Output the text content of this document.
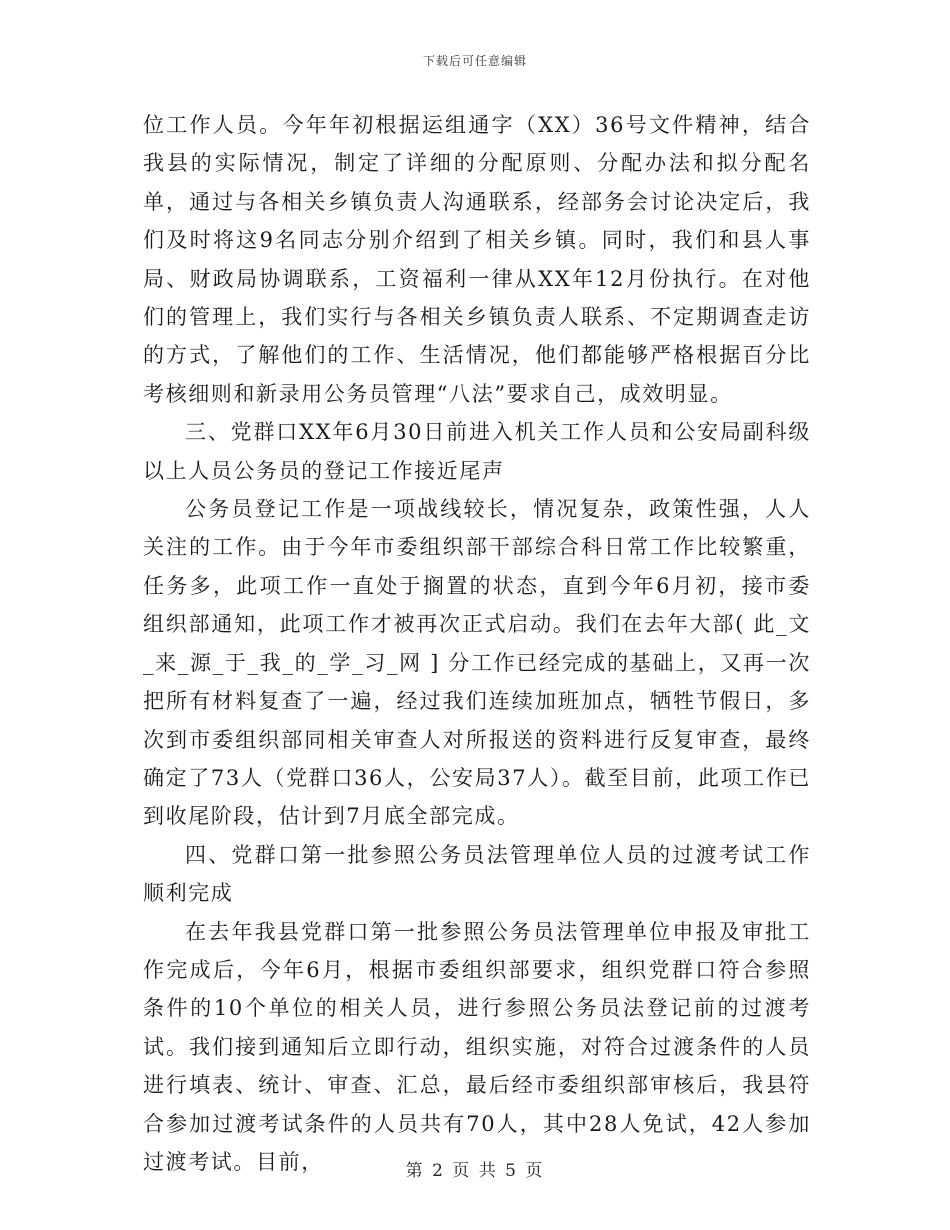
下载后可任意编辑

位工作人员。今年年初根据运组通字（XX）36号文件精神，结合我县的实际情况，制定了详细的分配原则、分配办法和拟分配名单，通过与各相关乡镇负责人沟通联系，经部务会讨论决定后，我们及时将这9名同志分别介绍到了相关乡镇。同时，我们和县人事局、财政局协调联系，工资福利一律从XX年12月份执行。在对他们的管理上，我们实行与各相关乡镇负责人联系、不定期调查走访的方式，了解他们的工作、生活情况，他们都能够严格根据百分比考核细则和新录用公务员管理“八法”要求自己，成效明显。

三、党群口XX年6月30日前进入机关工作人员和公安局副科级以上人员公务员的登记工作接近尾声

公务员登记工作是一项战线较长，情况复杂，政策性强，人人关注的工作。由于今年市委组织部干部综合科日常工作比较繁重，任务多，此项工作一直处于搁置的状态，直到今年6月初，接市委组织部通知，此项工作才被再次正式启动。我们在去年大部( 此_文_来_源_于_我_的_学_习_网 ] 分工作已经完成的基础上，又再一次把所有材料复查了一遍，经过我们连续加班加点，牺牲节假日，多次到市委组织部同相关审查人对所报送的资料进行反复审查，最终确定了73人（党群口36人，公安局37人）。截至目前，此项工作已到收尾阶段，估计到7月底全部完成。

四、党群口第一批参照公务员法管理单位人员的过渡考试工作顺利完成

在去年我县党群口第一批参照公务员法管理单位申报及审批工作完成后，今年6月，根据市委组织部要求，组织党群口符合参照条件的10个单位的相关人员，进行参照公务员法登记前的过渡考试。我们接到通知后立即行动，组织实施，对符合过渡条件的人员进行填表、统计、审查、汇总，最后经市委组织部审核后，我县符合参加过渡考试条件的人员共有70人，其中28人免试，42人参加过渡考试。目前，	第 2 页 共 5 页
